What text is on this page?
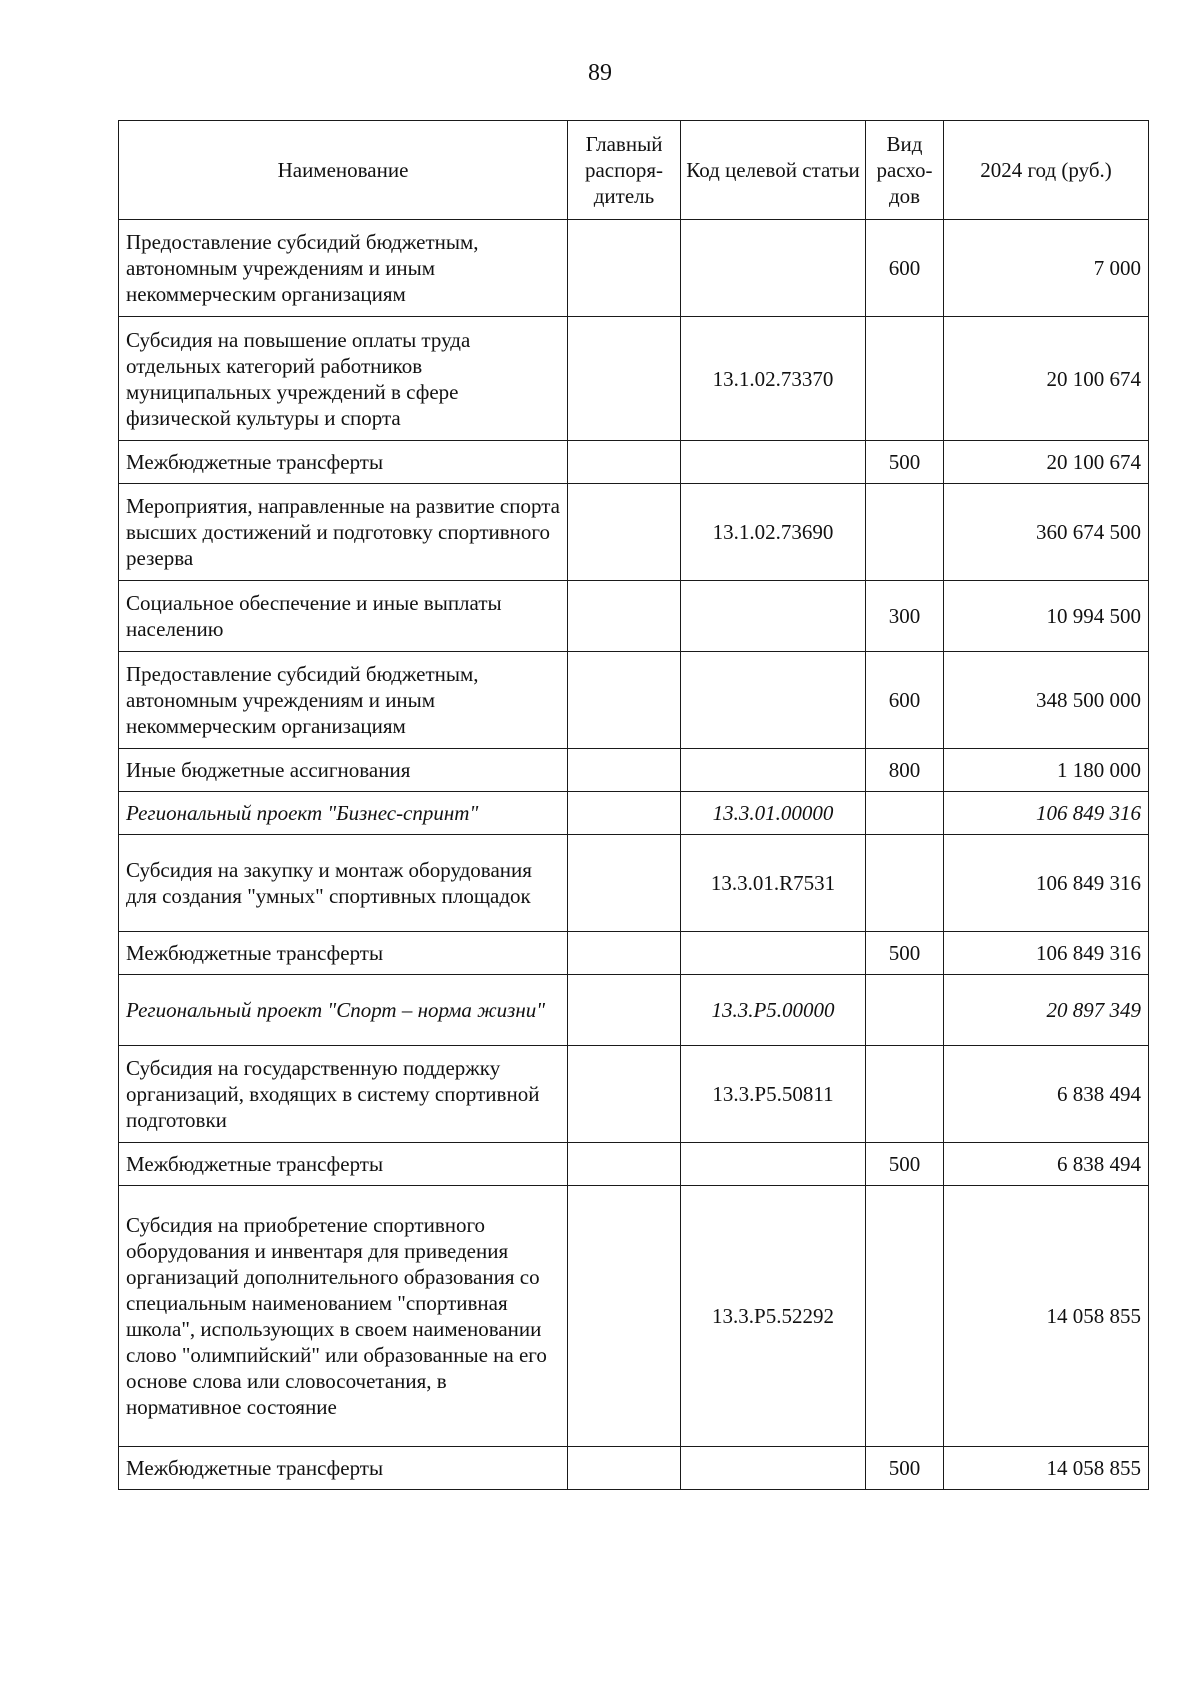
89
Наименование	Главный распоря-дитель	Код целевой статьи	Вид расхо-дов	2024 год (руб.)
Предоставление субсидий бюджетным, автономным учреждениям и иным некоммерческим организациям			600	7 000
Субсидия на повышение оплаты труда отдельных категорий работников муниципальных учреждений в сфере физической культуры и спорта		13.1.02.73370		20 100 674
Межбюджетные трансферты			500	20 100 674
Мероприятия, направленные на развитие спорта высших достижений и подготовку спортивного резерва		13.1.02.73690		360 674 500
Социальное обеспечение и иные выплаты населению			300	10 994 500
Предоставление субсидий бюджетным, автономным учреждениям и иным некоммерческим организациям			600	348 500 000
Иные бюджетные ассигнования			800	1 180 000
Региональный проект "Бизнес-спринт"		13.3.01.00000		106 849 316
Субсидия на закупку и монтаж оборудования для создания "умных" спортивных площадок		13.3.01.R7531		106 849 316
Межбюджетные трансферты			500	106 849 316
Региональный проект "Спорт – норма жизни"		13.3.P5.00000		20 897 349
Субсидия на государственную поддержку организаций, входящих в систему спортивной подготовки		13.3.P5.50811		6 838 494
Межбюджетные трансферты			500	6 838 494
Субсидия на приобретение спортивного оборудования и инвентаря для приведения организаций дополнительного образования со специальным наименованием "спортивная школа", использующих в своем наименовании слово "олимпийский" или образованные на его основе слова или словосочетания, в нормативное состояние		13.3.P5.52292		14 058 855
Межбюджетные трансферты			500	14 058 855
